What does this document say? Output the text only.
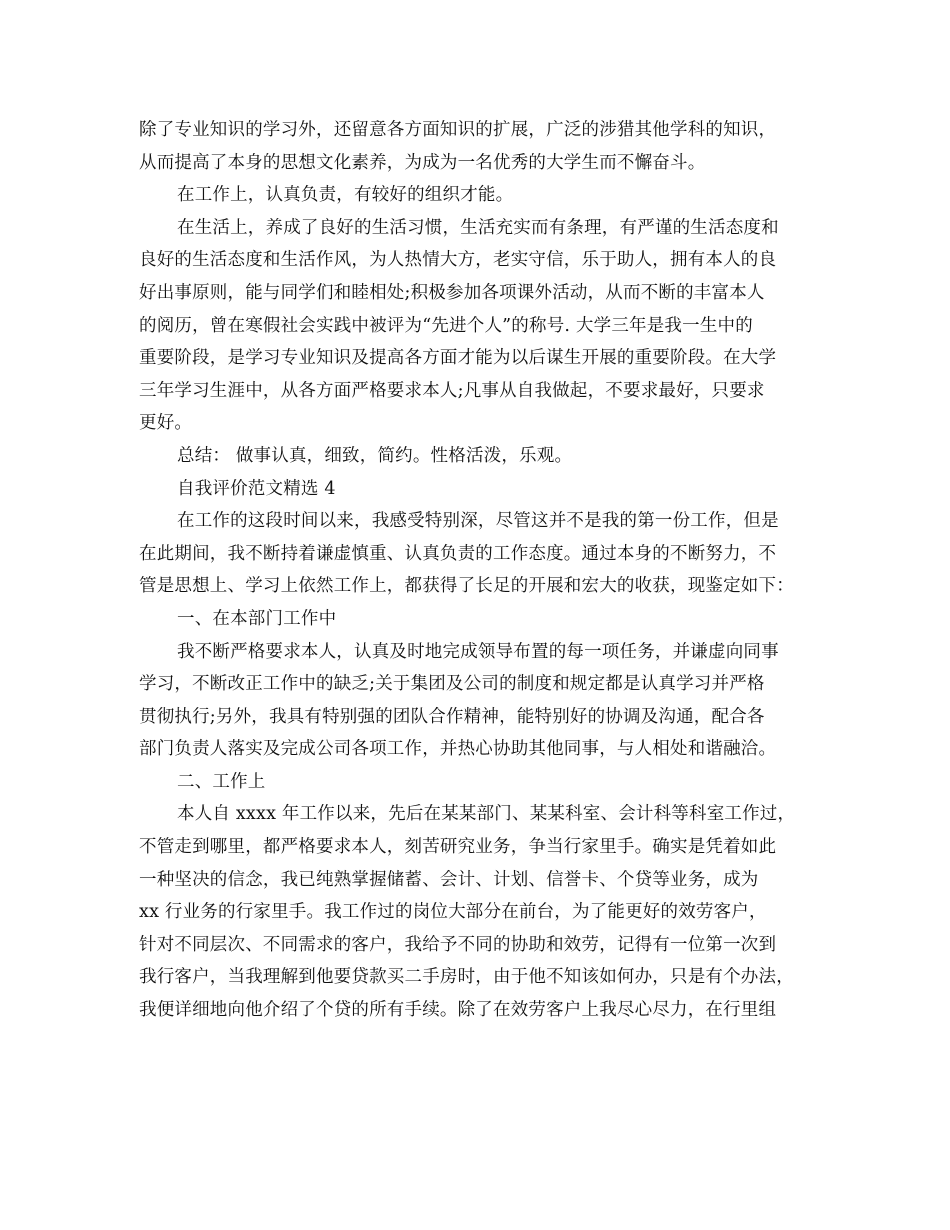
除了专业知识的学习外，还留意各方面知识的扩展，广泛的涉猎其他学科的知识，
从而提高了本身的思想文化素养，为成为一名优秀的大学生而不懈奋斗。
在工作上，认真负责，有较好的组织才能。
在生活上，养成了良好的生活习惯，生活充实而有条理，有严谨的生活态度和
良好的生活态度和生活作风，为人热情大方，老实守信，乐于助人，拥有本人的良
好出事原则，能与同学们和睦相处;积极参加各项课外活动，从而不断的丰富本人
的阅历，曾在寒假社会实践中被评为“先进个人”的称号. 大学三年是我一生中的
重要阶段，是学习专业知识及提高各方面才能为以后谋生开展的重要阶段。在大学
三年学习生涯中，从各方面严格要求本人;凡事从自我做起，不要求最好，只要求
更好。
总结： 做事认真，细致，简约。性格活泼，乐观。
自我评价范文精选 4
在工作的这段时间以来，我感受特别深，尽管这并不是我的第一份工作，但是
在此期间，我不断持着谦虚慎重、认真负责的工作态度。通过本身的不断努力，不
管是思想上、学习上依然工作上，都获得了长足的开展和宏大的收获，现鉴定如下：
一、在本部门工作中
我不断严格要求本人，认真及时地完成领导布置的每一项任务，并谦虚向同事
学习，不断改正工作中的缺乏;关于集团及公司的制度和规定都是认真学习并严格
贯彻执行;另外，我具有特别强的团队合作精神，能特别好的协调及沟通，配合各
部门负责人落实及完成公司各项工作，并热心协助其他同事，与人相处和谐融洽。
二、工作上
本人自 xxxx 年工作以来，先后在某某部门、某某科室、会计科等科室工作过，
不管走到哪里，都严格要求本人，刻苦研究业务，争当行家里手。确实是凭着如此
一种坚决的信念，我已纯熟掌握储蓄、会计、计划、信誉卡、个贷等业务，成为
xx 行业务的行家里手。我工作过的岗位大部分在前台，为了能更好的效劳客户，
针对不同层次、不同需求的客户，我给予不同的协助和效劳，记得有一位第一次到
我行客户，当我理解到他要贷款买二手房时，由于他不知该如何办，只是有个办法，
我便详细地向他介绍了个贷的所有手续。除了在效劳客户上我尽心尽力，在行里组
